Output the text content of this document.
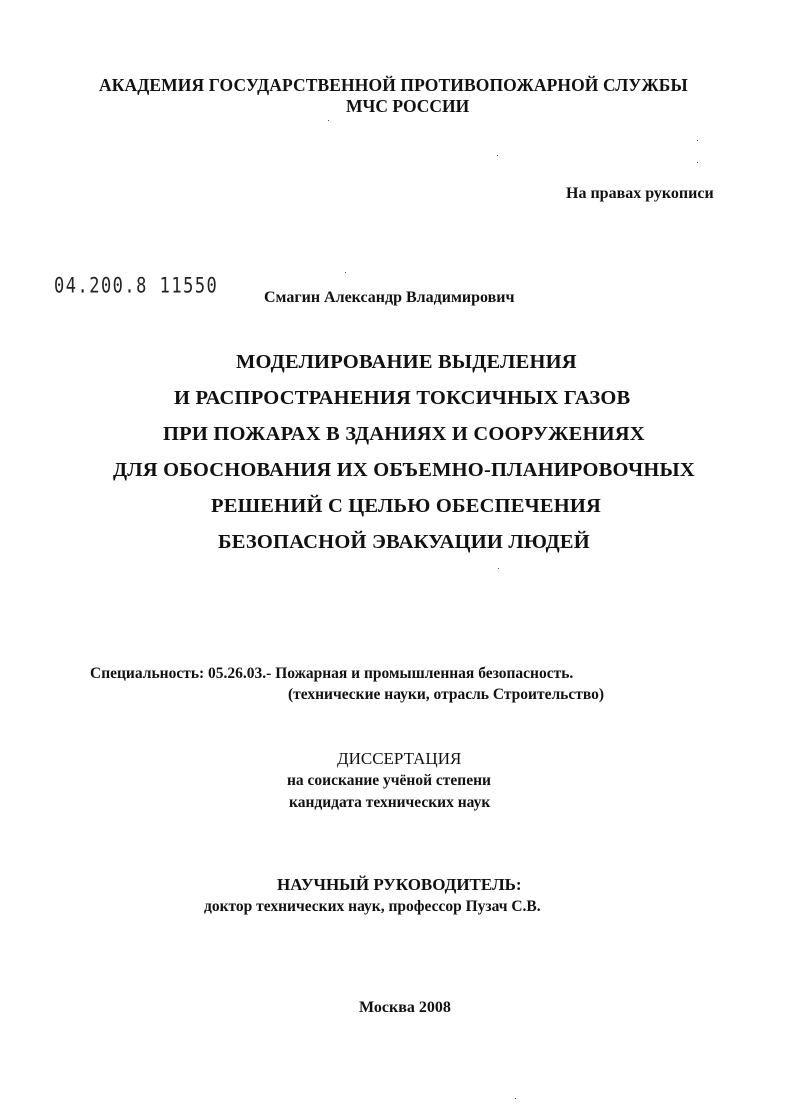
АКАДЕМИЯ ГОСУДАРСТВЕННОЙ ПРОТИВОПОЖАРНОЙ СЛУЖБЫ
МЧС РОССИИ
На правах рукописи
04.200.8 11550	Смагин Александр Владимирович
МОДЕЛИРОВАНИЕ ВЫДЕЛЕНИЯ
И РАСПРОСТРАНЕНИЯ ТОКСИЧНЫХ ГАЗОВ
ПРИ ПОЖАРАХ В ЗДАНИЯХ И СООРУЖЕНИЯХ
ДЛЯ ОБОСНОВАНИЯ ИХ ОБЪЕМНО-ПЛАНИРОВОЧНЫХ
РЕШЕНИЙ С ЦЕЛЬЮ ОБЕСПЕЧЕНИЯ
БЕЗОПАСНОЙ ЭВАКУАЦИИ ЛЮДЕЙ
Специальность: 05.26.03.- Пожарная и промышленная безопасность.
(технические науки, отрасль Строительство)
ДИССЕРТАЦИЯ
на соискание учёной степени
кандидата технических наук
НАУЧНЫЙ РУКОВОДИТЕЛЬ:
доктор технических наук, профессор Пузач С.В.
Москва 2008
